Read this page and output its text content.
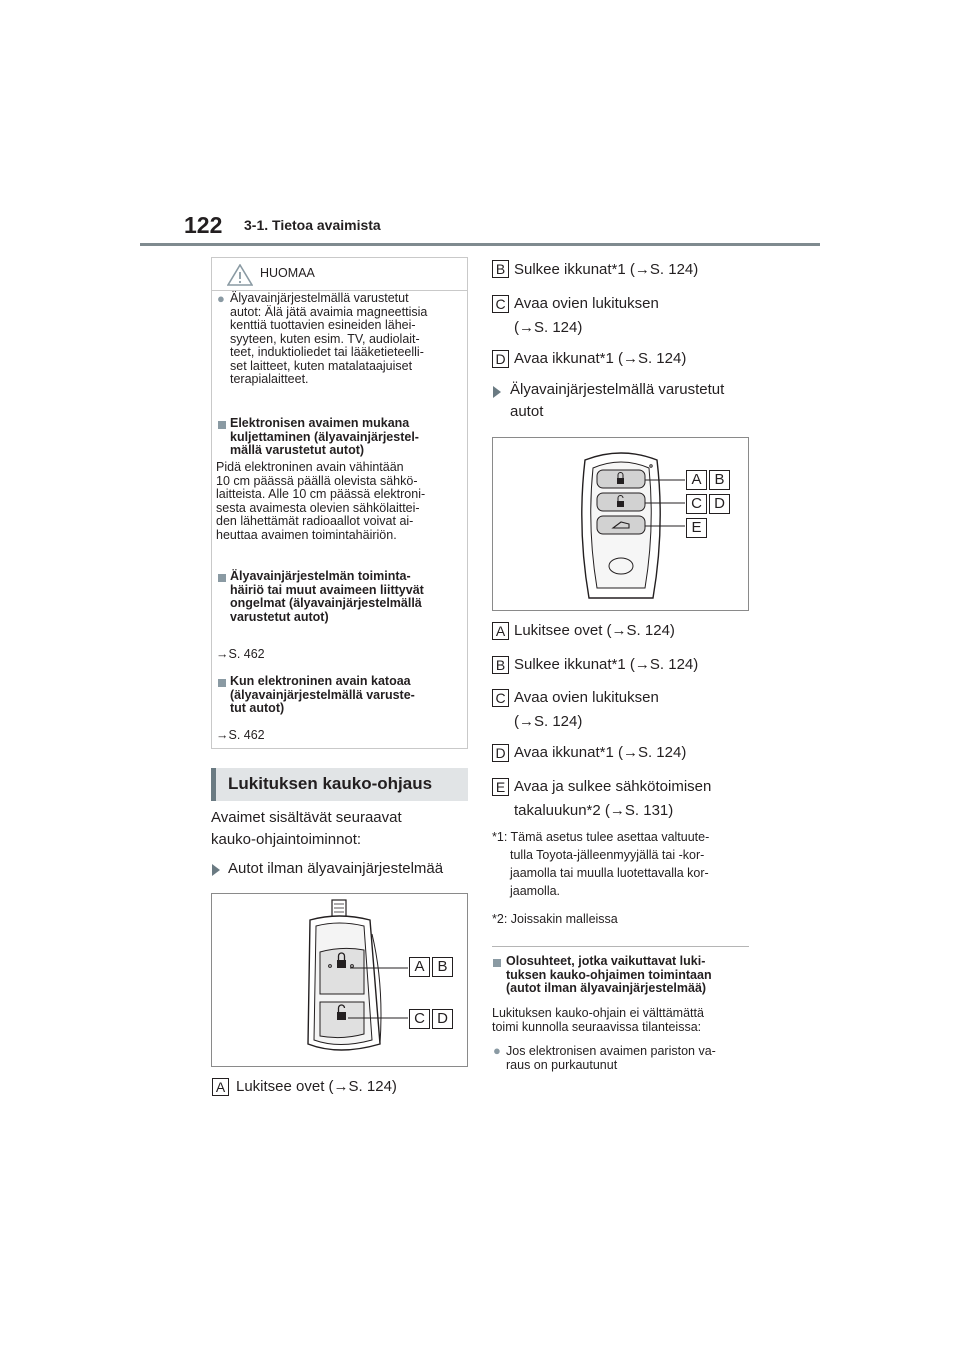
122 3-1. Tietoa avaimista
HUOMAA
● Älyavainjärjestelmällä varustetut
autot: Älä jätä avaimia magneettisia
kenttiä tuottavien esineiden lähei-
syyteen, kuten esim. TV, audiolait-
teet, induktioliedet tai lääketieteelli-
set laitteet, kuten matalataajuiset
terapialaitteet.
Elektronisen avaimen mukana
kuljettaminen (älyavainjärjestel-
mällä varustetut autot)
Pidä elektroninen avain vähintään
10 cm päässä päällä olevista sähkö-
laitteista. Alle 10 cm päässä elektroni-
sesta avaimesta olevien sähkölaittei-
den lähettämät radioaallot voivat ai-
heuttaa avaimen toimintahäiriön.
Älyavainjärjestelmän toiminta-
häiriö tai muut avaimeen liittyvät
ongelmat (älyavainjärjestelmällä
varustetut autot)
→S. 462
Kun elektroninen avain katoaa
(älyavainjärjestelmällä varuste-
tut autot)
→S. 462
Lukituksen kauko-ohjaus
Avaimet sisältävät seuraavat
kauko-ohjaintoiminnot:
Autot ilman älyavainjärjestelmää
A B
C D
A Lukitsee ovet (→S. 124)
B Sulkee ikkunat*1 (→S. 124)
C Avaa ovien lukituksen
(→S. 124)
D Avaa ikkunat*1 (→S. 124)
Älyavainjärjestelmällä varustetut
autot
A B
C D
E
A Lukitsee ovet (→S. 124)
B Sulkee ikkunat*1 (→S. 124)
C Avaa ovien lukituksen
(→S. 124)
D Avaa ikkunat*1 (→S. 124)
E Avaa ja sulkee sähkötoimisen
takaluukun*2 (→S. 131)
*1: Tämä asetus tulee asettaa valtuute-
tulla Toyota-jälleenmyyjällä tai -kor-
jaamolla tai muulla luotettavalla kor-
jaamolla.
*2: Joissakin malleissa
Olosuhteet, jotka vaikuttavat luki-
tuksen kauko-ohjaimen toimintaan
(autot ilman älyavainjärjestelmää)
Lukituksen kauko-ohjain ei välttämättä
toimi kunnolla seuraavissa tilanteissa:
● Jos elektronisen avaimen pariston va-
raus on purkautunut
